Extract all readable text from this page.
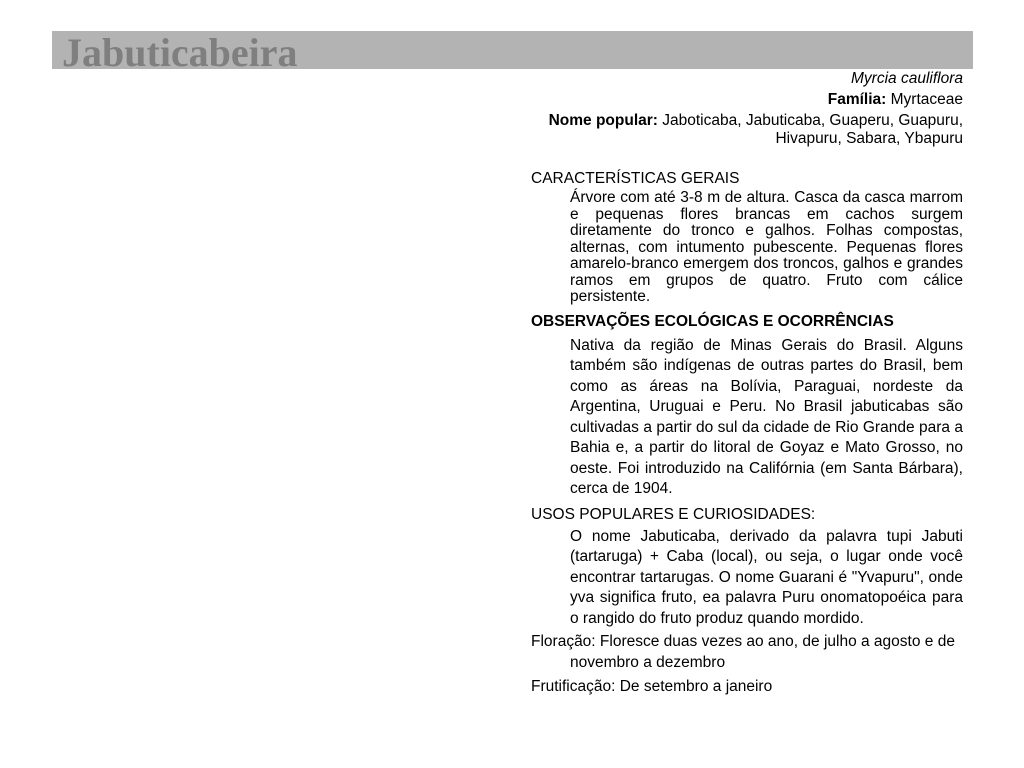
Jabuticabeira
Myrcia cauliflora
Família: Myrtaceae
Nome popular: Jaboticaba, Jabuticaba, Guaperu, Guapuru, Hivapuru, Sabara, Ybapuru

CARACTERÍSTICAS GERAIS

Árvore com até 3-8 m de altura. Casca da casca marrom e pequenas flores brancas em cachos surgem diretamente do tronco e galhos. Folhas compostas, alternas, com intumento pubescente. Pequenas flores amarelo-branco emergem dos troncos, galhos e grandes ramos em grupos de quatro. Fruto com cálice persistente.

OBSERVAÇÕES ECOLÓGICAS E OCORRÊNCIAS

Nativa da região de Minas Gerais do Brasil. Alguns também são indígenas de outras partes do Brasil, bem como as áreas na Bolívia, Paraguai, nordeste da Argentina, Uruguai e Peru. No Brasil jabuticabas são cultivadas a partir do sul da cidade de Rio Grande para a Bahia e, a partir do litoral de Goyaz e Mato Grosso, no oeste. Foi introduzido na Califórnia (em Santa Bárbara), cerca de 1904.

USOS POPULARES E CURIOSIDADES:

O nome Jabuticaba, derivado da palavra tupi Jabuti (tartaruga) + Caba (local), ou seja, o lugar onde você encontrar tartarugas. O nome Guarani é "Yvapuru", onde yva significa fruto, ea palavra Puru onomatopoéica para o rangido do fruto produz quando mordido.

Floração: Floresce duas vezes ao ano, de julho a agosto e de novembro a dezembro

Frutificação: De setembro a janeiro
